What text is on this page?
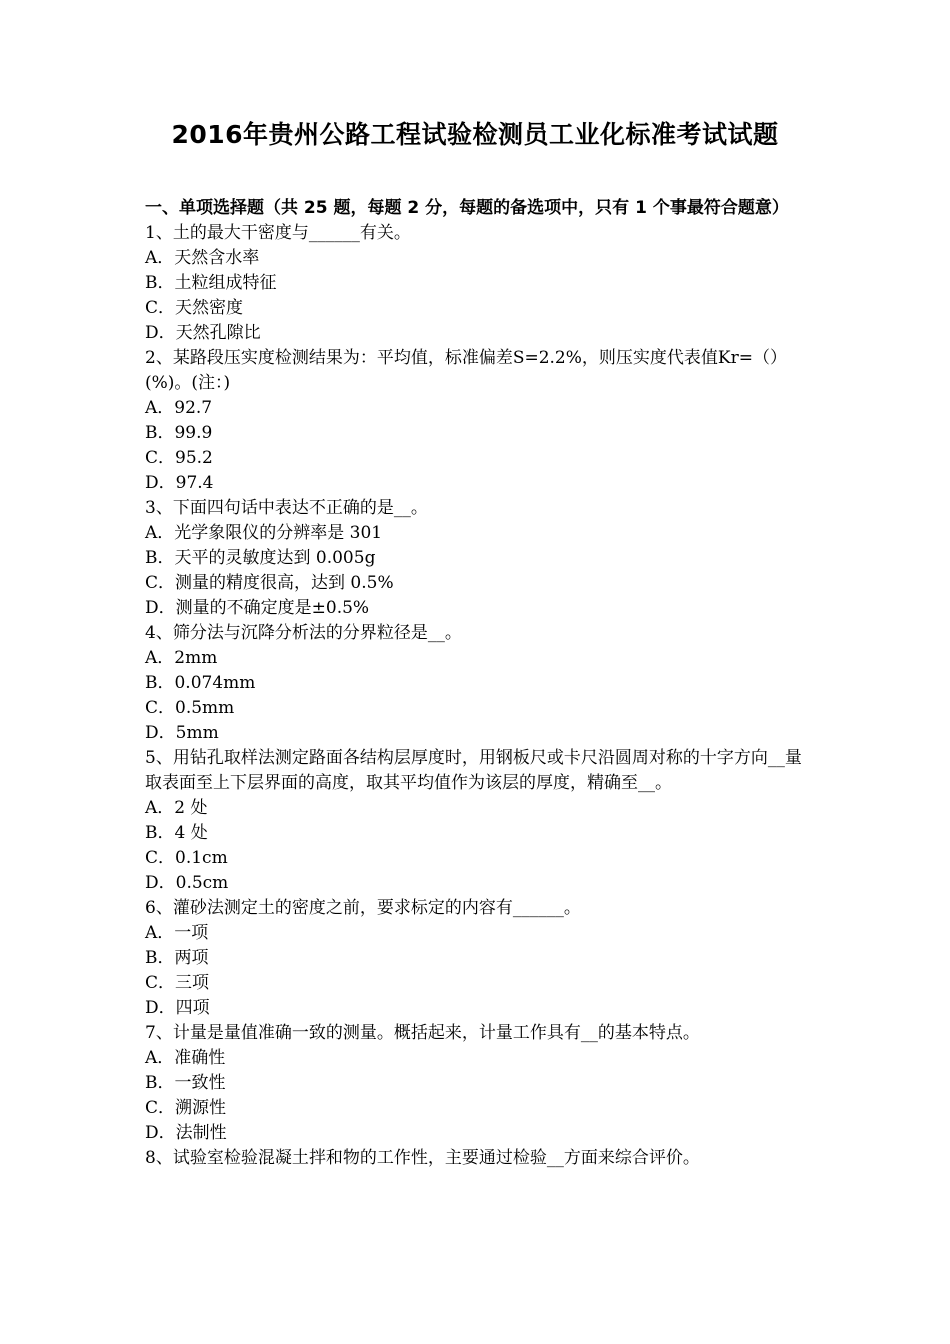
2016年贵州公路工程试验检测员工业化标准考试试题

一、单项选择题（共 25 题，每题 2 分，每题的备选项中，只有 1 个事最符合题意）

1、土的最大干密度与______有关。

A．天然含水率

B．土粒组成特征

C．天然密度

D．天然孔隙比

2、某路段压实度检测结果为：平均值，标准偏差S=2.2%，则压实度代表值Kr=（）(%)。(注：)

A．92.7

B．99.9

C．95.2

D．97.4

3、下面四句话中表达不正确的是__。

A．光学象限仪的分辨率是 301

B．天平的灵敏度达到 0.005g

C．测量的精度很高，达到 0.5%

D．测量的不确定度是±0.5%

4、筛分法与沉降分析法的分界粒径是__。

A．2mm

B．0.074mm

C．0.5mm

D．5mm

5、用钻孔取样法测定路面各结构层厚度时，用钢板尺或卡尺沿圆周对称的十字方向__量取表面至上下层界面的高度，取其平均值作为该层的厚度，精确至__。

A．2 处

B．4 处

C．0.1cm

D．0.5cm

6、灌砂法测定土的密度之前，要求标定的内容有______。

A．一项

B．两项

C．三项

D．四项

7、计量是量值准确一致的测量。概括起来，计量工作具有__的基本特点。

A．准确性

B．一致性

C．溯源性

D．法制性

8、试验室检验混凝土拌和物的工作性，主要通过检验__方面来综合评价。
